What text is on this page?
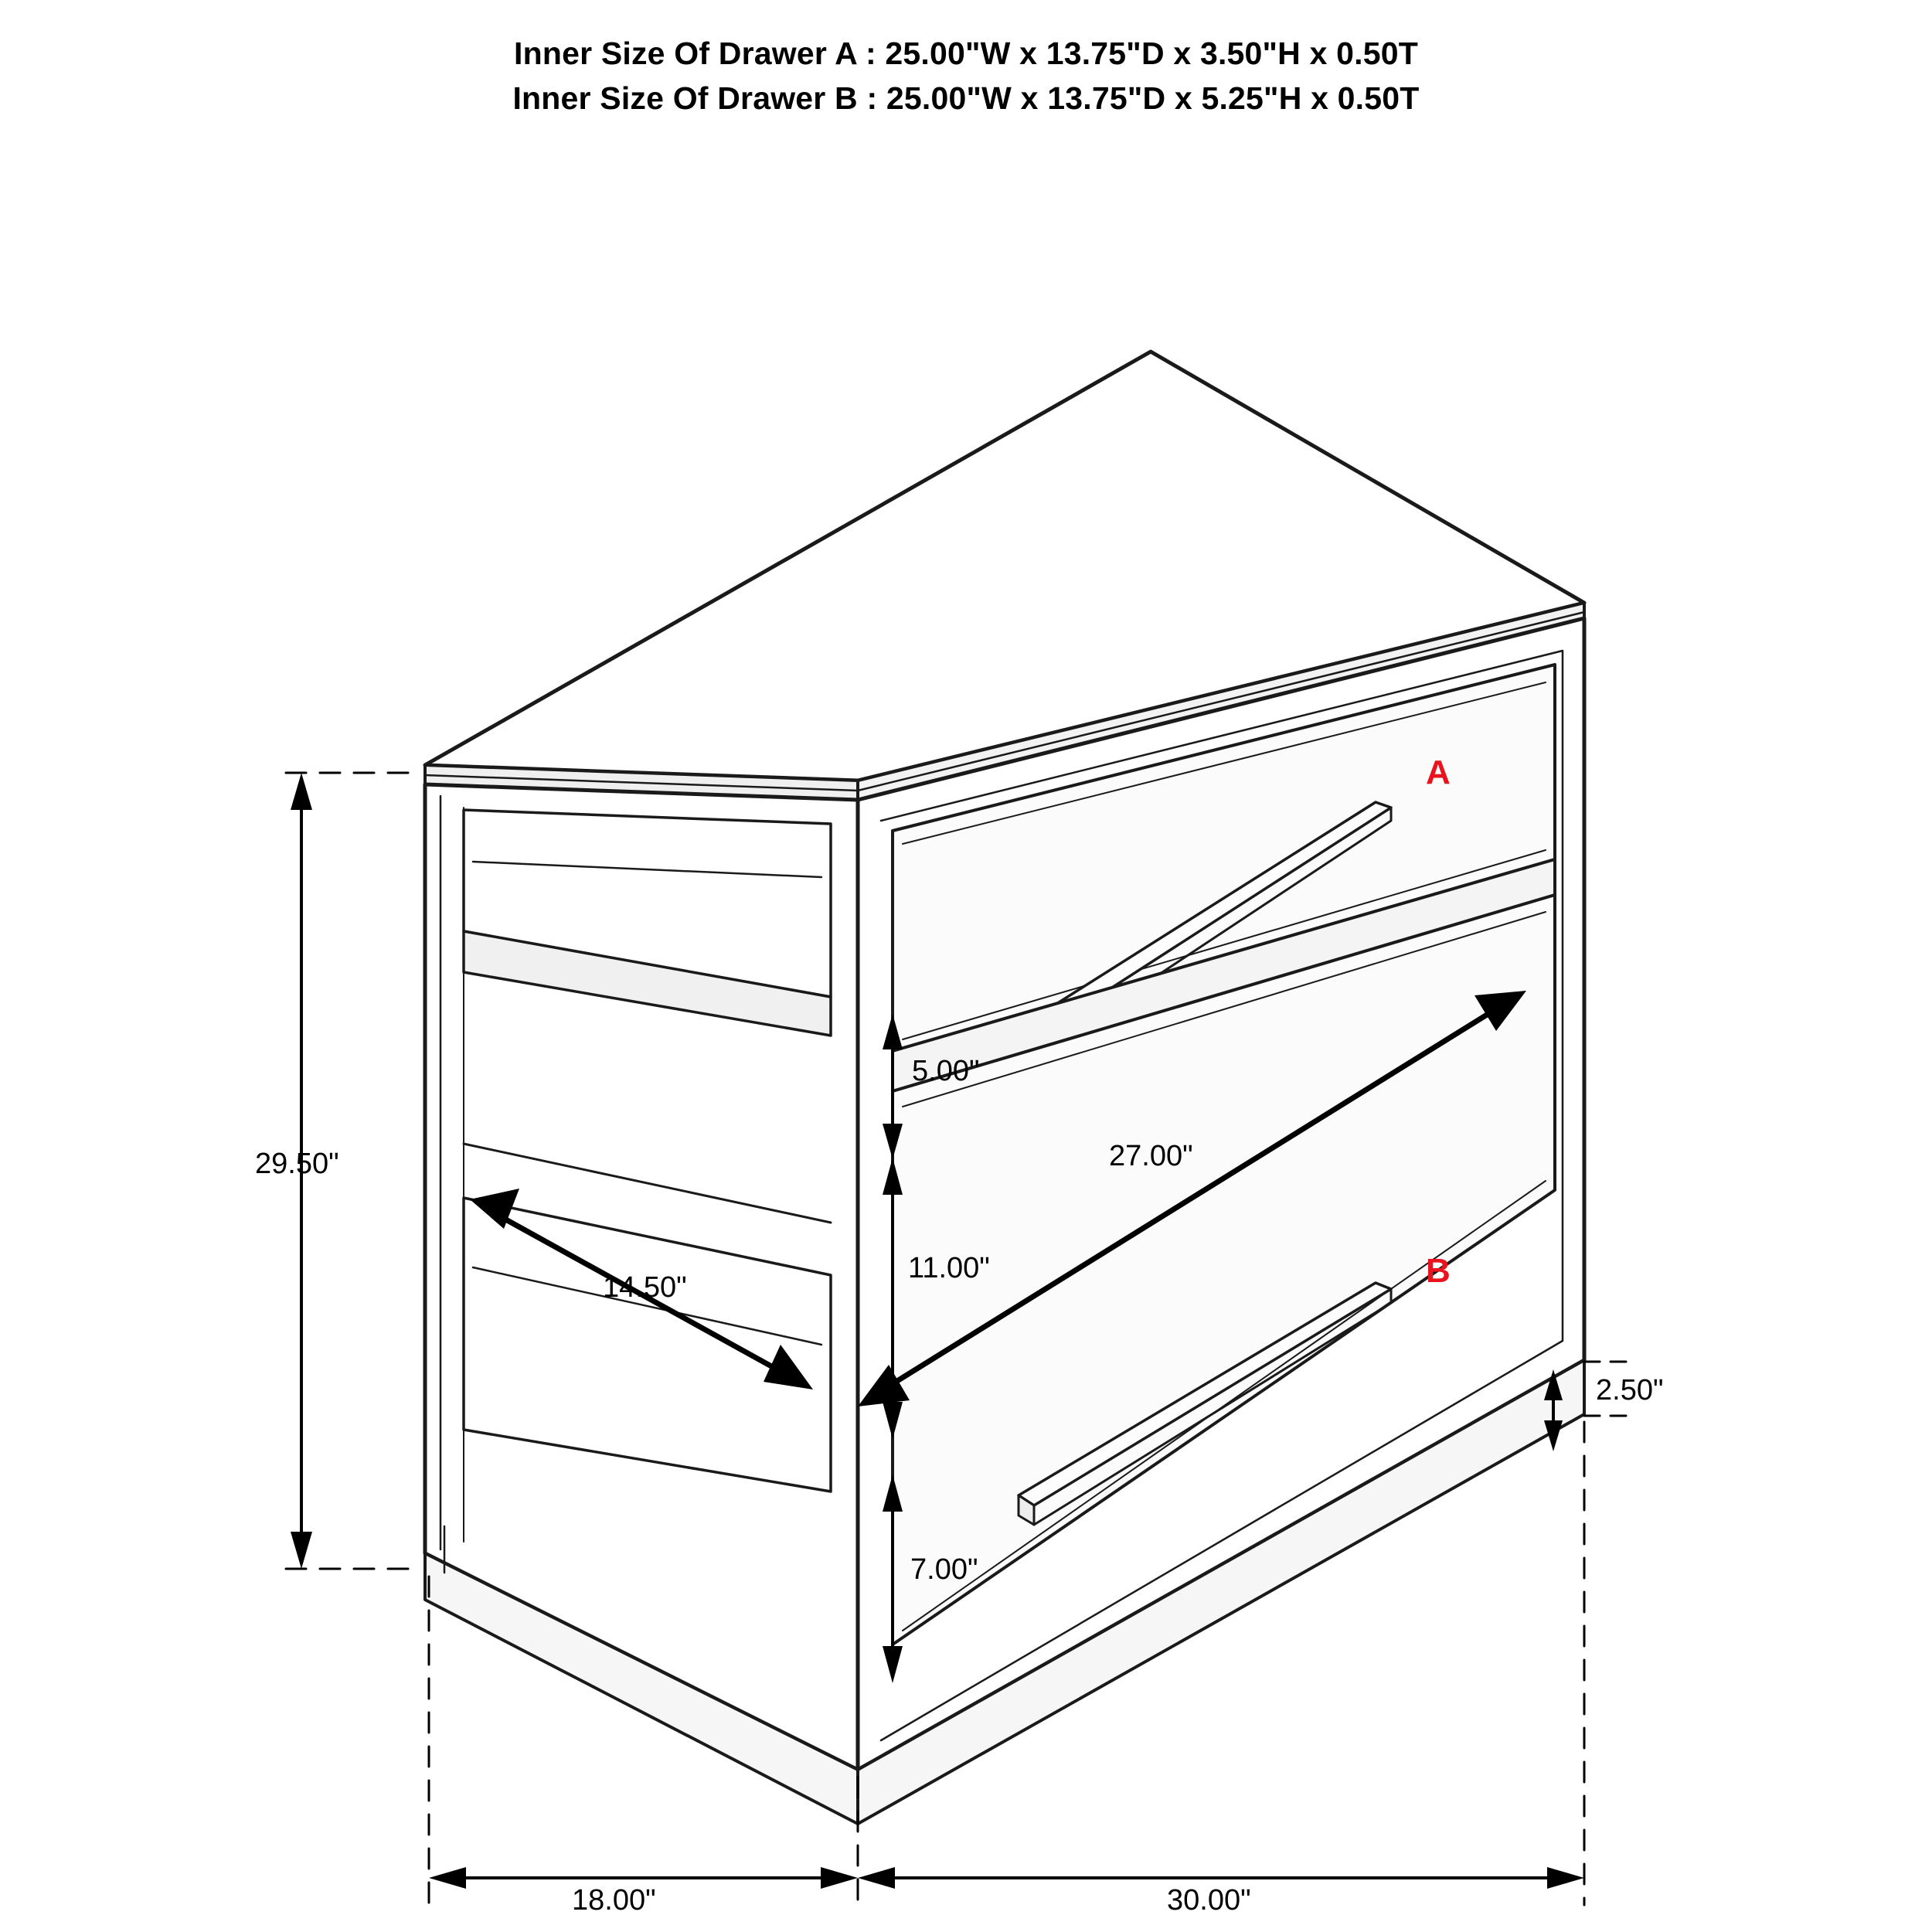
Inner Size Of Drawer A : 25.00"W x 13.75"D x 3.50"H x 0.50T
Inner Size Of Drawer B : 25.00"W x 13.75"D x 5.25"H x 0.50T
29.50"
18.00"	30.00"
5.00"
11.00"
7.00"
27.00"
14.50"
2.50"
A
B
